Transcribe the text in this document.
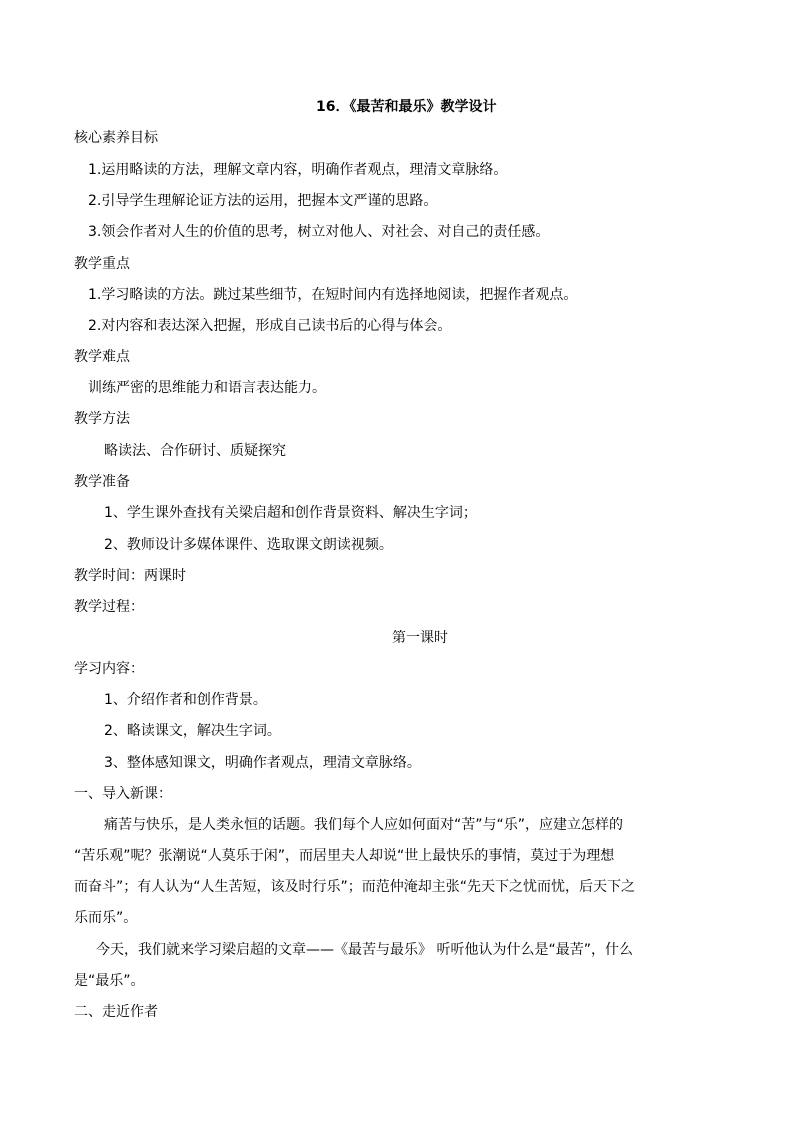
16．《最苦和最乐》教学设计
核心素养目标
1.运用略读的方法，理解文章内容，明确作者观点，理清文章脉络。
2.引导学生理解论证方法的运用，把握本文严谨的思路。
3.领会作者对人生的价值的思考，树立对他人、对社会、对自己的责任感。
教学重点
1.学习略读的方法。跳过某些细节，在短时间内有选择地阅读，把握作者观点。
2.对内容和表达深入把握，形成自己读书后的心得与体会。
教学难点
训练严密的思维能力和语言表达能力。
教学方法
略读法、合作研讨、质疑探究
教学准备
1、学生课外查找有关梁启超和创作背景资料、解决生字词；
2、教师设计多媒体课件、选取课文朗读视频。
教学时间：两课时
教学过程：
第一课时
学习内容：
1、介绍作者和创作背景。
2、略读课文，解决生字词。
3、整体感知课文，明确作者观点，理清文章脉络。
一、导入新课：
痛苦与快乐，是人类永恒的话题。我们每个人应如何面对“苦”与“乐”，应建立怎样的
“苦乐观”呢？张潮说“人莫乐于闲”，而居里夫人却说“世上最快乐的事情，莫过于为理想
而奋斗”；有人认为“人生苦短，该及时行乐”；而范仲淹却主张“先天下之忧而忧，后天下之
乐而乐”。
今天，我们就来学习梁启超的文章——《最苦与最乐》 听听他认为什么是“最苦”，什么
是“最乐”。
二、走近作者
